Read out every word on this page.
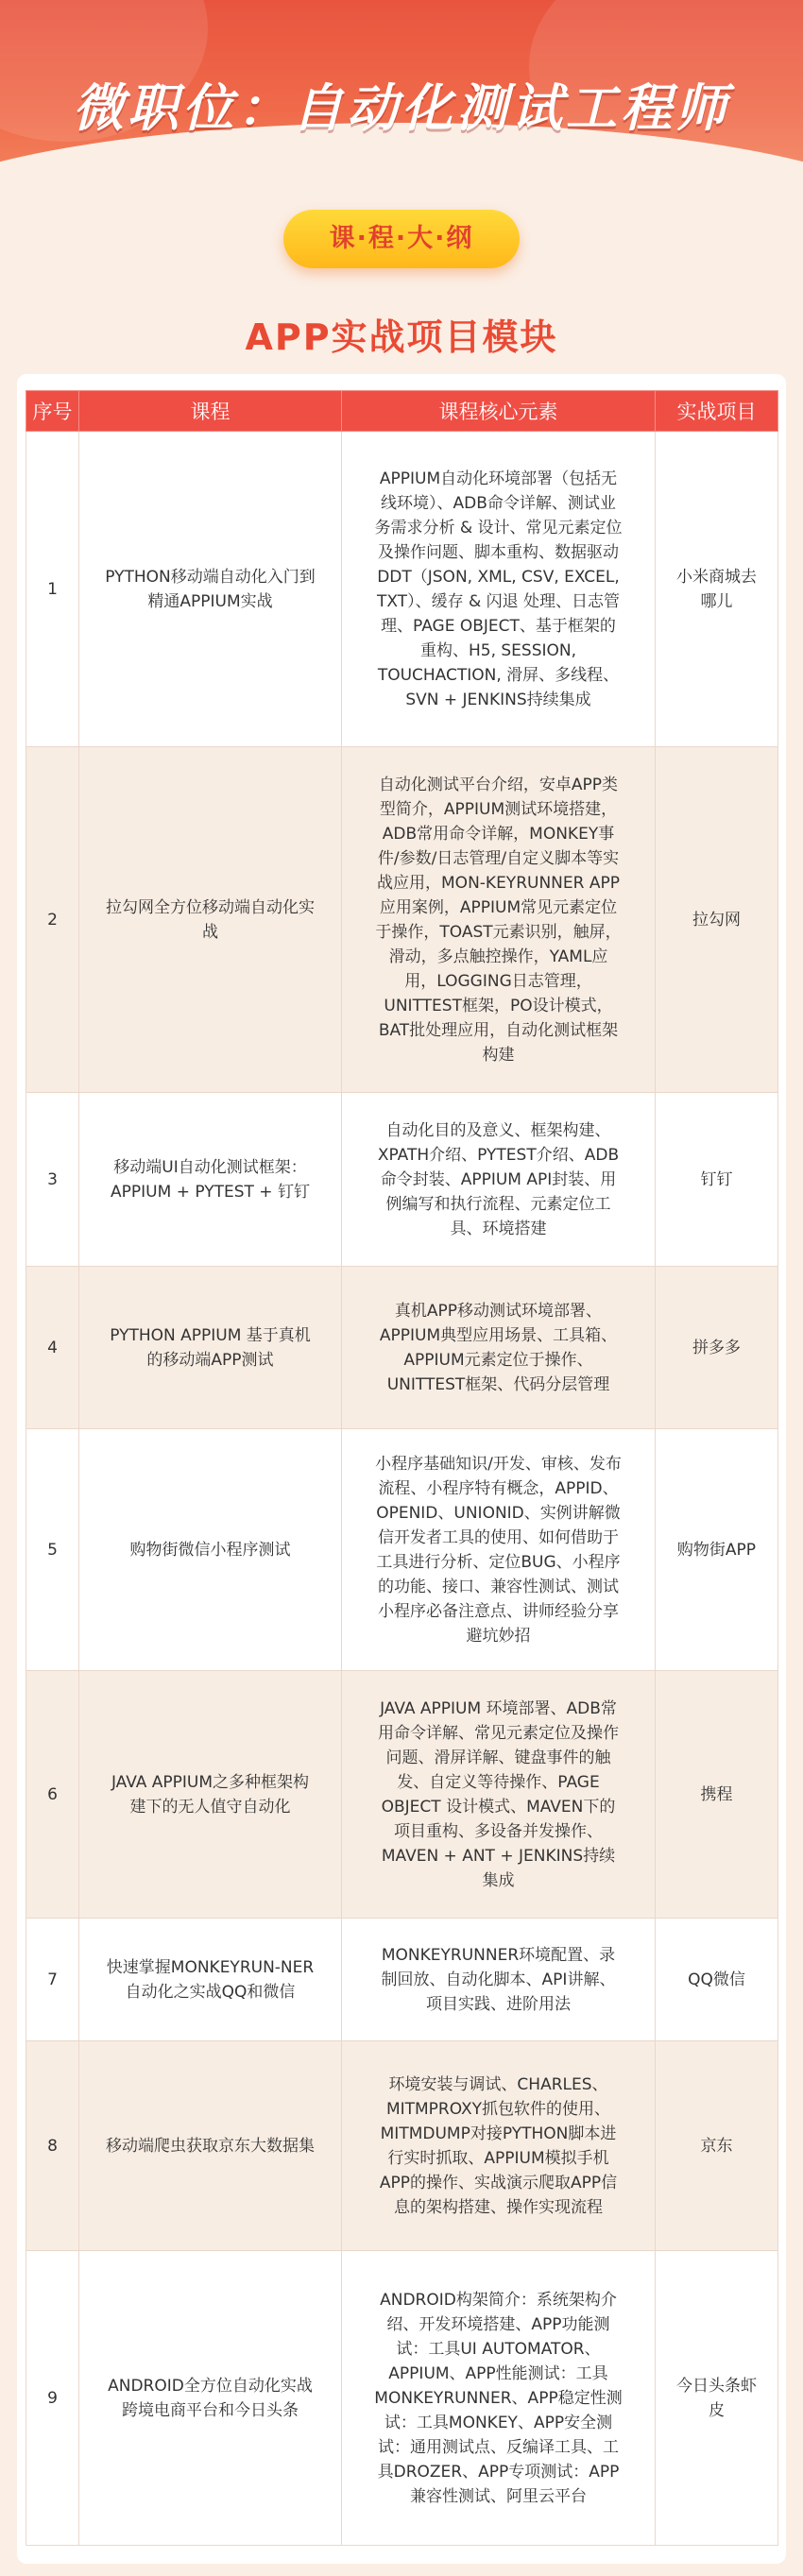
微职位：自动化测试工程师
课·程·大·纲
APP实战项目模块
序号	课程	课程核心元素	实战项目
1	PYTHON移动端自动化入门到精通APPIUM实战	APPIUM自动化环境部署（包括无线环境）、ADB命令详解、测试业务需求分析 & 设计、常见元素定位及操作问题、脚本重构、数据驱动DDT（JSON, XML, CSV, EXCEL, TXT）、缓存 & 闪退 处理、日志管理、PAGE OBJECT、基于框架的重构、H5, SESSION, TOUCHACTION, 滑屏、多线程、SVN + JENKINS持续集成	小米商城去哪儿
2	拉勾网全方位移动端自动化实战	自动化测试平台介绍，安卓APP类型简介，APPIUM测试环境搭建，ADB常用命令详解，MONKEY事件/参数/日志管理/自定义脚本等实战应用，MON-KEYRUNNER APP应用案例，APPIUM常见元素定位于操作，TOAST元素识别，触屏，滑动，多点触控操作，YAML应用，LOGGING日志管理，UNITTEST框架，PO设计模式，BAT批处理应用，自动化测试框架构建	拉勾网
3	移动端UI自动化测试框架：APPIUM + PYTEST + 钉钉	自动化目的及意义、框架构建、XPATH介绍、PYTEST介绍、ADB命令封装、APPIUM API封装、用例编写和执行流程、元素定位工具、环境搭建	钉钉
4	PYTHON APPIUM 基于真机的移动端APP测试	真机APP移动测试环境部署、APPIUM典型应用场景、工具箱、APPIUM元素定位于操作、UNITTEST框架、代码分层管理	拼多多
5	购物街微信小程序测试	小程序基础知识/开发、审核、发布流程、小程序特有概念，APPID、OPENID、UNIONID、实例讲解微信开发者工具的使用、如何借助于工具进行分析、定位BUG、小程序的功能、接口、兼容性测试、测试小程序必备注意点、讲师经验分享避坑妙招	购物街APP
6	JAVA APPIUM之多种框架构建下的无人值守自动化	JAVA APPIUM 环境部署、ADB常用命令详解、常见元素定位及操作问题、滑屏详解、键盘事件的触发、自定义等待操作、PAGE OBJECT 设计模式、MAVEN下的项目重构、多设备并发操作、MAVEN + ANT + JENKINS持续集成	携程
7	快速掌握MONKEYRUN-NER自动化之实战QQ和微信	MONKEYRUNNER环境配置、录制回放、自动化脚本、API讲解、项目实践、进阶用法	QQ微信
8	移动端爬虫获取京东大数据集	环境安装与调试、CHARLES、MITMPROXY抓包软件的使用、MITMDUMP对接PYTHON脚本进行实时抓取、APPIUM模拟手机APP的操作、实战演示爬取APP信息的架构搭建、操作实现流程	京东
9	ANDROID全方位自动化实战跨境电商平台和今日头条	ANDROID构架简介：系统架构介绍、开发环境搭建、APP功能测试：工具UI AUTOMATOR、APPIUM、APP性能测试：工具MONKEYRUNNER、APP稳定性测试：工具MONKEY、APP安全测试：通用测试点、反编译工具、工具DROZER、APP专项测试：APP兼容性测试、阿里云平台	今日头条虾皮
